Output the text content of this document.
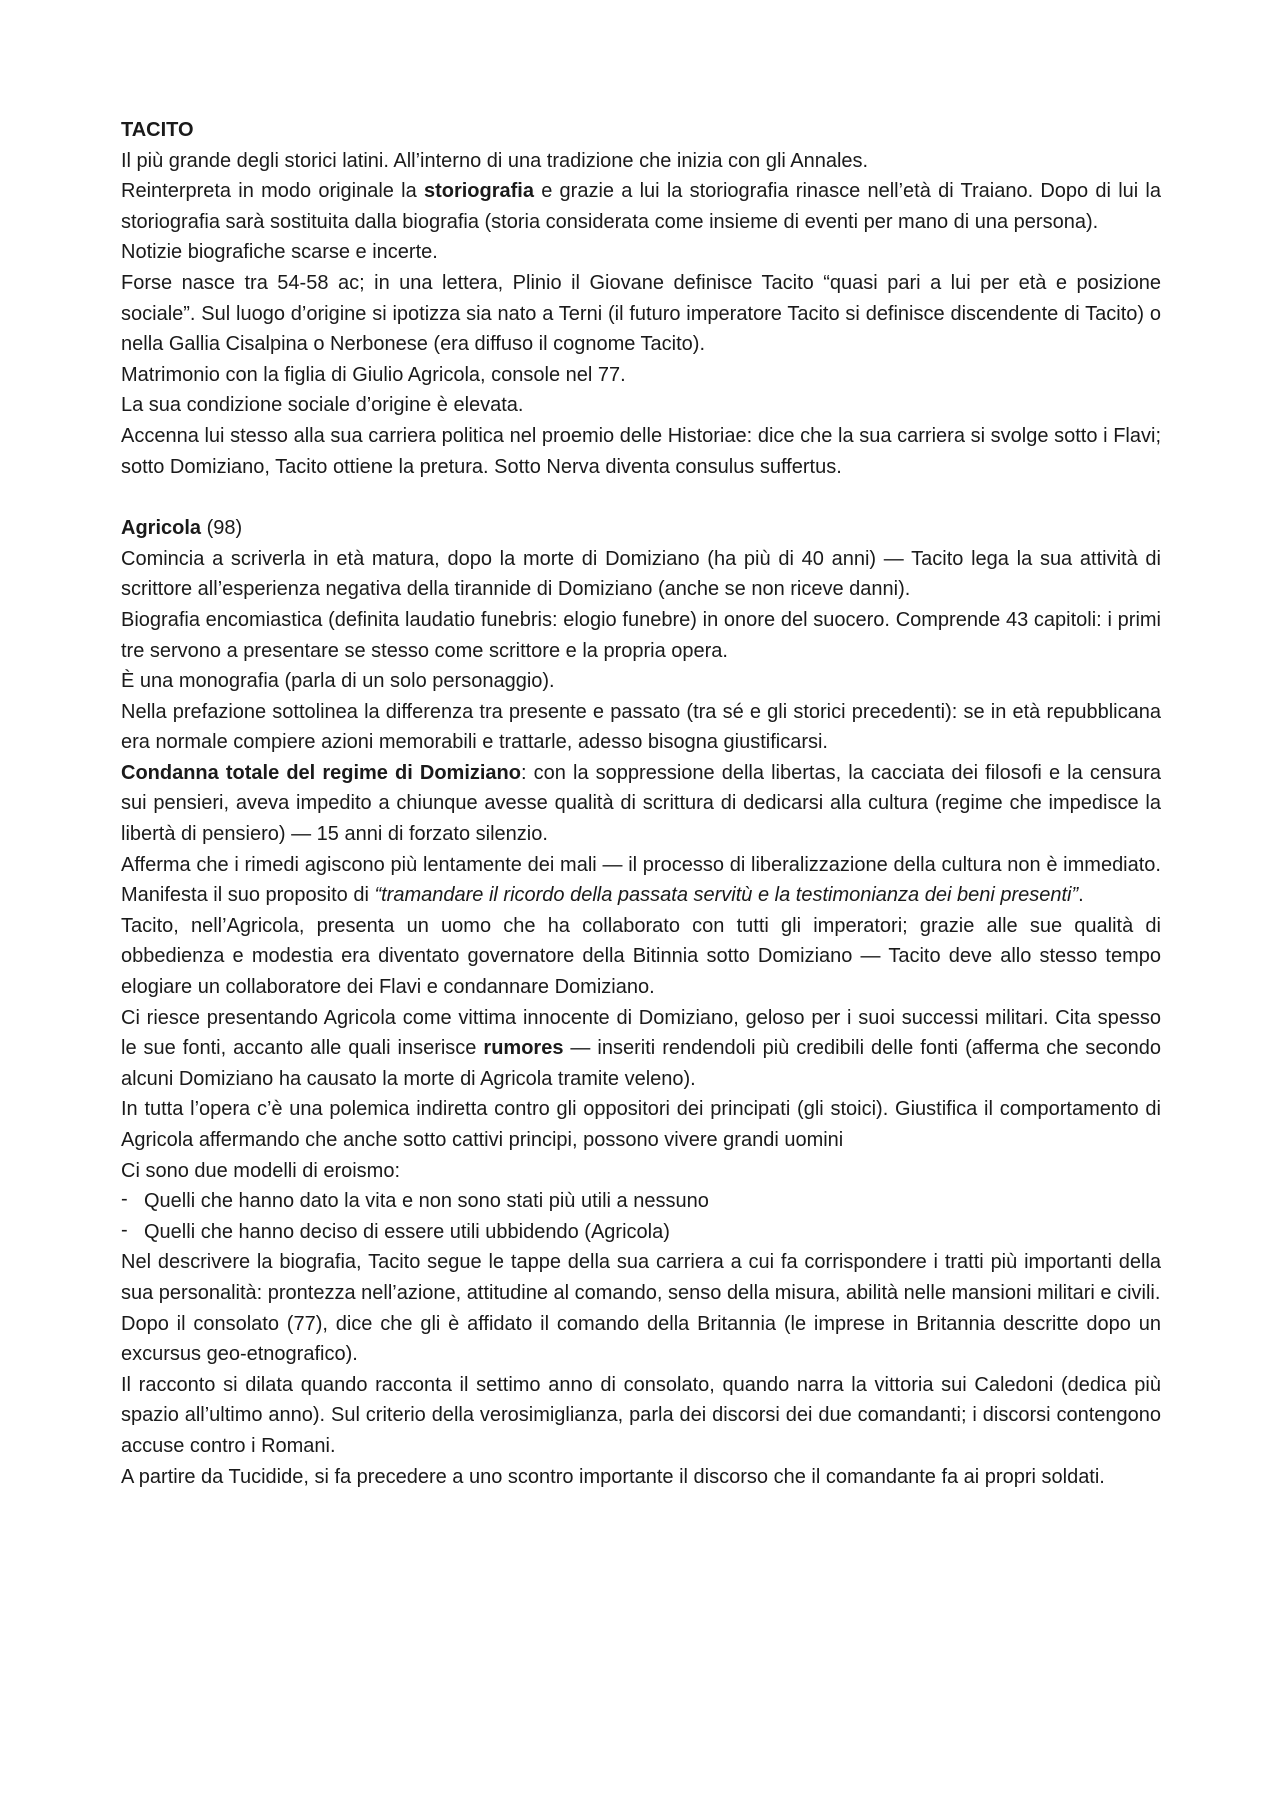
TACITO
Il più grande degli storici latini. All’interno di una tradizione che inizia con gli Annales.
Reinterpreta in modo originale la storiografia e grazie a lui la storiografia rinasce nell’età di Traiano. Dopo di lui la storiografia sarà sostituita dalla biografia (storia considerata come insieme di eventi per mano di una persona).
Notizie biografiche scarse e incerte.
Forse nasce tra 54-58 ac; in una lettera, Plinio il Giovane definisce Tacito “quasi pari a lui per età e posizione sociale”. Sul luogo d’origine si ipotizza sia nato a Terni (il futuro imperatore Tacito si definisce discendente di Tacito) o nella Gallia Cisalpina o Nerbonese (era diffuso il cognome Tacito).
Matrimonio con la figlia di Giulio Agricola, console nel 77.
La sua condizione sociale d’origine è elevata.
Accenna lui stesso alla sua carriera politica nel proemio delle Historiae: dice che la sua carriera si svolge sotto i Flavi; sotto Domiziano, Tacito ottiene la pretura. Sotto Nerva diventa consulus suffertus.
Agricola (98)
Comincia a scriverla in età matura, dopo la morte di Domiziano (ha più di 40 anni) — Tacito lega la sua attività di scrittore all’esperienza negativa della tirannide di Domiziano (anche se non riceve danni).
Biografia encomiastica (definita laudatio funebris: elogio funebre) in onore del suocero. Comprende 43 capitoli: i primi tre servono a presentare se stesso come scrittore e la propria opera.
È una monografia (parla di un solo personaggio).
Nella prefazione sottolinea la differenza tra presente e passato (tra sé e gli storici precedenti): se in età repubblicana era normale compiere azioni memorabili e trattarle, adesso bisogna giustificarsi.
Condanna totale del regime di Domiziano: con la soppressione della libertas, la cacciata dei filosofi e la censura sui pensieri, aveva impedito a chiunque avesse qualità di scrittura di dedicarsi alla cultura (regime che impedisce la libertà di pensiero) — 15 anni di forzato silenzio.
Afferma che i rimedi agiscono più lentamente dei mali — il processo di liberalizzazione della cultura non è immediato. Manifesta il suo proposito di “tramandare il ricordo della passata servitù e la testimonianza dei beni presenti”.
Tacito, nell’Agricola, presenta un uomo che ha collaborato con tutti gli imperatori; grazie alle sue qualità di obbedienza e modestia era diventato governatore della Bitinnia sotto Domiziano — Tacito deve allo stesso tempo elogiare un collaboratore dei Flavi e condannare Domiziano.
Ci riesce presentando Agricola come vittima innocente di Domiziano, geloso per i suoi successi militari. Cita spesso le sue fonti, accanto alle quali inserisce rumores — inseriti rendendoli più credibili delle fonti (afferma che secondo alcuni Domiziano ha causato la morte di Agricola tramite veleno).
In tutta l’opera c’è una polemica indiretta contro gli oppositori dei principati (gli stoici). Giustifica il comportamento di Agricola affermando che anche sotto cattivi principi, possono vivere grandi uomini
Ci sono due modelli di eroismo:
- Quelli che hanno dato la vita e non sono stati più utili a nessuno
- Quelli che hanno deciso di essere utili ubbidendo (Agricola)
Nel descrivere la biografia, Tacito segue le tappe della sua carriera a cui fa corrispondere i tratti più importanti della sua personalità: prontezza nell’azione, attitudine al comando, senso della misura, abilità nelle mansioni militari e civili.
Dopo il consolato (77), dice che gli è affidato il comando della Britannia (le imprese in Britannia descritte dopo un excursus geo-etnografico).
Il racconto si dilata quando racconta il settimo anno di consolato, quando narra la vittoria sui Caledoni (dedica più spazio all’ultimo anno). Sul criterio della verosimiglianza, parla dei discorsi dei due comandanti; i discorsi contengono accuse contro i Romani.
A partire da Tucidide, si fa precedere a uno scontro importante il discorso che il comandante fa ai propri soldati.
